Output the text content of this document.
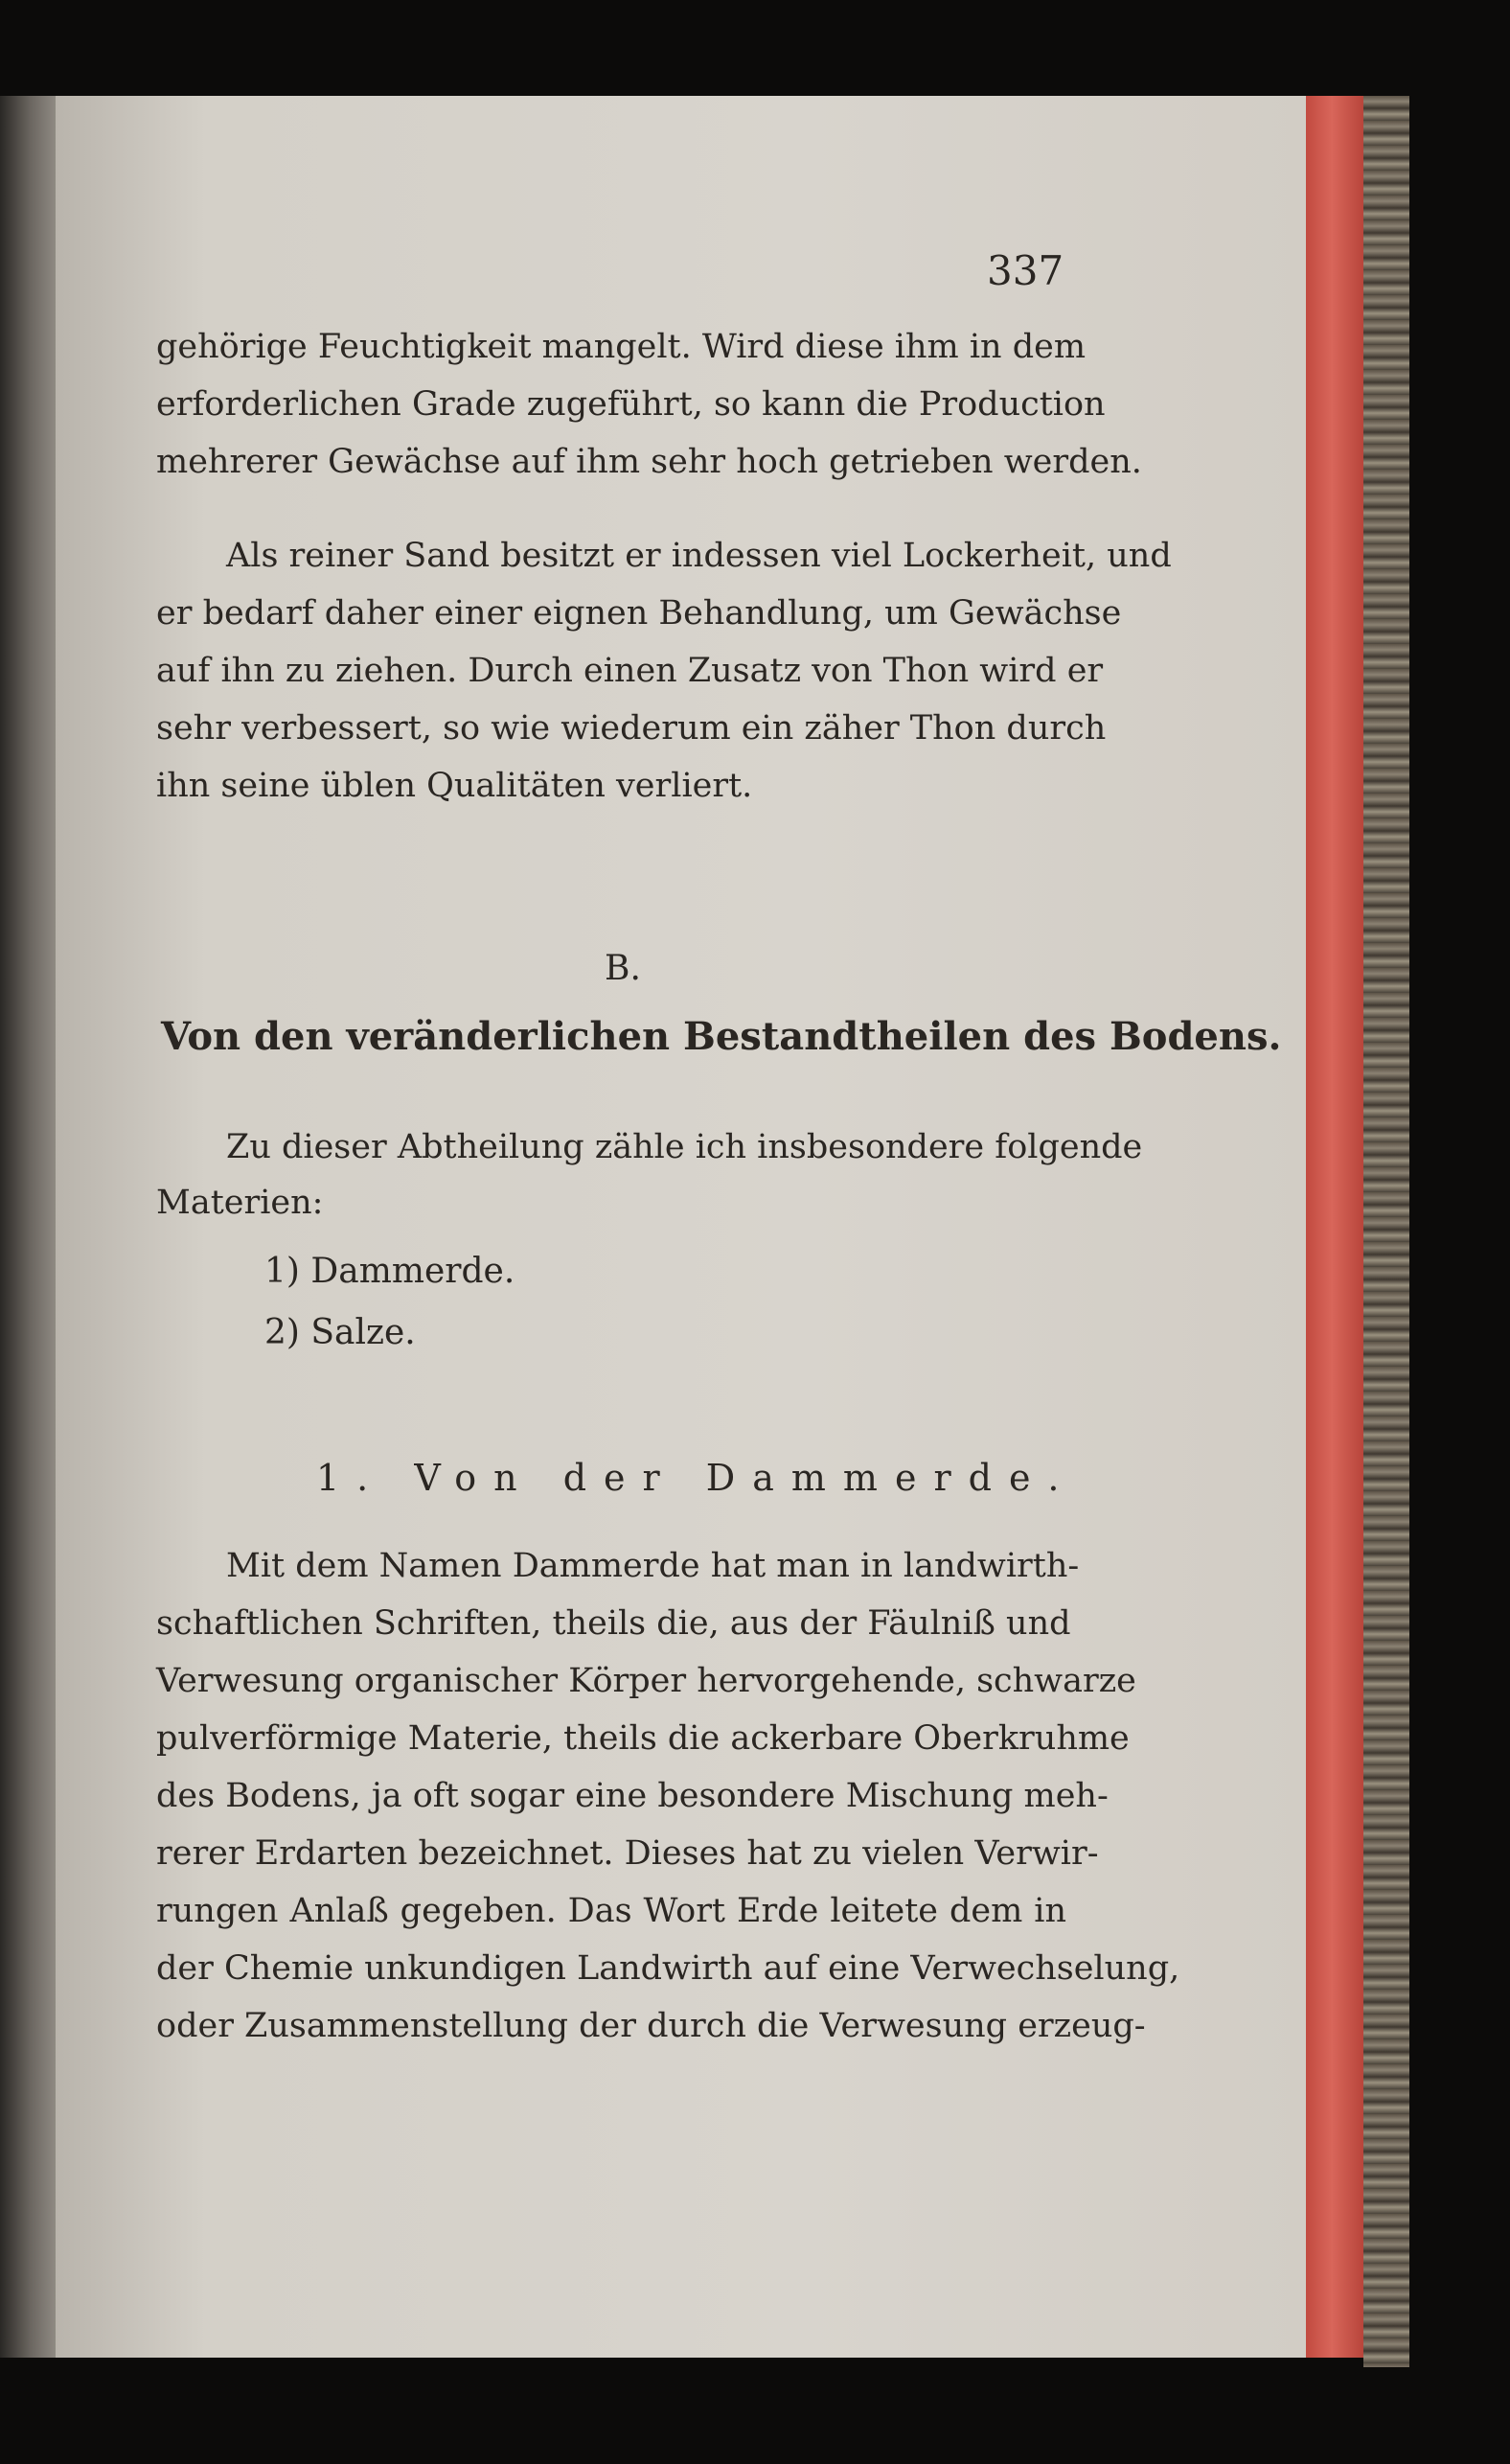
337
gehörige Feuchtigkeit mangelt. Wird diese ihm in dem
erforderlichen Grade zugeführt, so kann die Production
mehrerer Gewächse auf ihm sehr hoch getrieben werden.
Als reiner Sand besitzt er indessen viel Lockerheit, und
er bedarf daher einer eignen Behandlung, um Gewächse
auf ihn zu ziehen. Durch einen Zusatz von Thon wird er
sehr verbessert, so wie wiederum ein zäher Thon durch
ihn seine üblen Qualitäten verliert.
B.
Von den veränderlichen Bestandtheilen des Bodens.
Zu dieser Abtheilung zähle ich insbesondere folgende
Materien:
1) Dammerde.
2) Salze.
1. Von der Dammerde.
Mit dem Namen Dammerde hat man in landwirth-
schaftlichen Schriften, theils die, aus der Fäulniß und
Verwesung organischer Körper hervorgehende, schwarze
pulverförmige Materie, theils die ackerbare Oberkruhme
des Bodens, ja oft sogar eine besondere Mischung meh-
rerer Erdarten bezeichnet. Dieses hat zu vielen Verwir-
rungen Anlaß gegeben. Das Wort Erde leitete dem in
der Chemie unkundigen Landwirth auf eine Verwechselung,
oder Zusammenstellung der durch die Verwesung erzeug-
